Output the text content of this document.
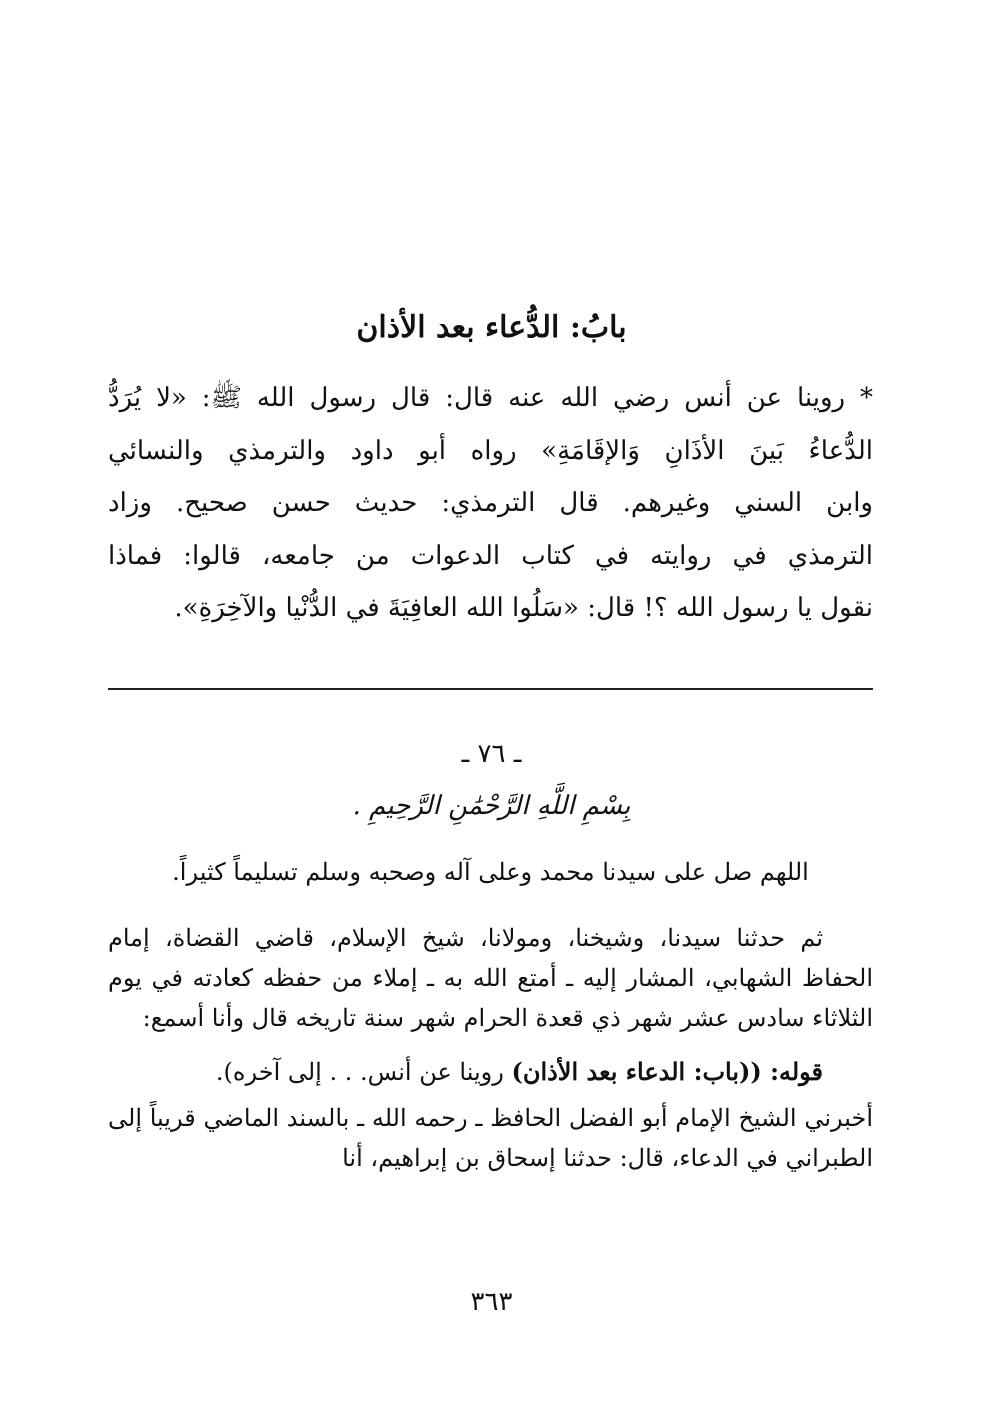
بابُ: الدُّعاء بعد الأذان
* روينا عن أنس رضي الله عنه قال: قال رسول الله ﷺ: «لا يُرَدُّ
الدُّعاءُ بَينَ الأذَانِ وَالإقَامَةِ» رواه أبو داود والترمذي والنسائي
وابن السني وغيرهم. قال الترمذي: حديث حسن صحيح. وزاد
الترمذي في روايته في كتاب الدعوات من جامعه، قالوا: فماذا
نقول يا رسول الله ؟! قال: «سَلُوا الله العافِيَةَ في الدُّنْيا والآخِرَةِ».
ـ ٧٦ ـ
بِسْمِ اللَّهِ الرَّحْمَٰنِ الرَّحِيمِ .
اللهم صل على سيدنا محمد وعلى آله وصحبه وسلم تسليماً كثيراً.

ثم حدثنا سيدنا، وشيخنا، ومولانا، شيخ الإسلام، قاضي القضاة، إمام الحفاظ الشهابي، المشار إليه ـ أمتع الله به ـ إملاء من حفظه كعادته في يوم الثلاثاء سادس عشر شهر ذي قعدة الحرام شهر سنة تاريخه قال وأنا أسمع:

قوله: ((باب: الدعاء بعد الأذان) روينا عن أنس. . . إلى آخره).

أخبرني الشيخ الإمام أبو الفضل الحافظ ـ رحمه الله ـ بالسند الماضي قريباً إلى الطبراني في الدعاء، قال: حدثنا إسحاق بن إبراهيم، أنا

٣٦٣
